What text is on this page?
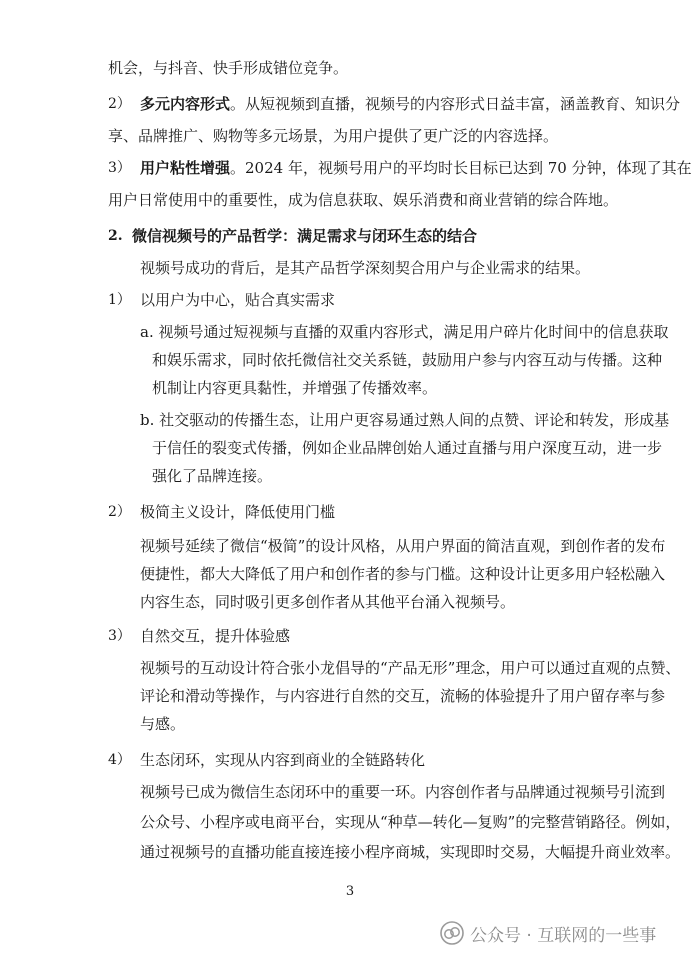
机会，与抖音、快手形成错位竞争。
2） 多元内容形式。从短视频到直播，视频号的内容形式日益丰富，涵盖教育、知识分
享、品牌推广、购物等多元场景，为用户提供了更广泛的内容选择。
3） 用户粘性增强。2024 年，视频号用户的平均时长目标已达到 70 分钟，体现了其在
用户日常使用中的重要性，成为信息获取、娱乐消费和商业营销的综合阵地。
2. 微信视频号的产品哲学：满足需求与闭环生态的结合
视频号成功的背后，是其产品哲学深刻契合用户与企业需求的结果。
1） 以用户为中心，贴合真实需求
a. 视频号通过短视频与直播的双重内容形式，满足用户碎片化时间中的信息获取
和娱乐需求，同时依托微信社交关系链，鼓励用户参与内容互动与传播。这种
机制让内容更具黏性，并增强了传播效率。
b. 社交驱动的传播生态，让用户更容易通过熟人间的点赞、评论和转发，形成基
于信任的裂变式传播，例如企业品牌创始人通过直播与用户深度互动，进一步
强化了品牌连接。
2） 极简主义设计，降低使用门槛
视频号延续了微信“极简”的设计风格，从用户界面的简洁直观，到创作者的发布
便捷性，都大大降低了用户和创作者的参与门槛。这种设计让更多用户轻松融入
内容生态，同时吸引更多创作者从其他平台涌入视频号。
3） 自然交互，提升体验感
视频号的互动设计符合张小龙倡导的“产品无形”理念，用户可以通过直观的点赞、
评论和滑动等操作，与内容进行自然的交互，流畅的体验提升了用户留存率与参
与感。
4） 生态闭环，实现从内容到商业的全链路转化
视频号已成为微信生态闭环中的重要一环。内容创作者与品牌通过视频号引流到
公众号、小程序或电商平台，实现从“种草—转化—复购”的完整营销路径。例如，
通过视频号的直播功能直接连接小程序商城，实现即时交易，大幅提升商业效率。
3
公众号 · 互联网的一些事
